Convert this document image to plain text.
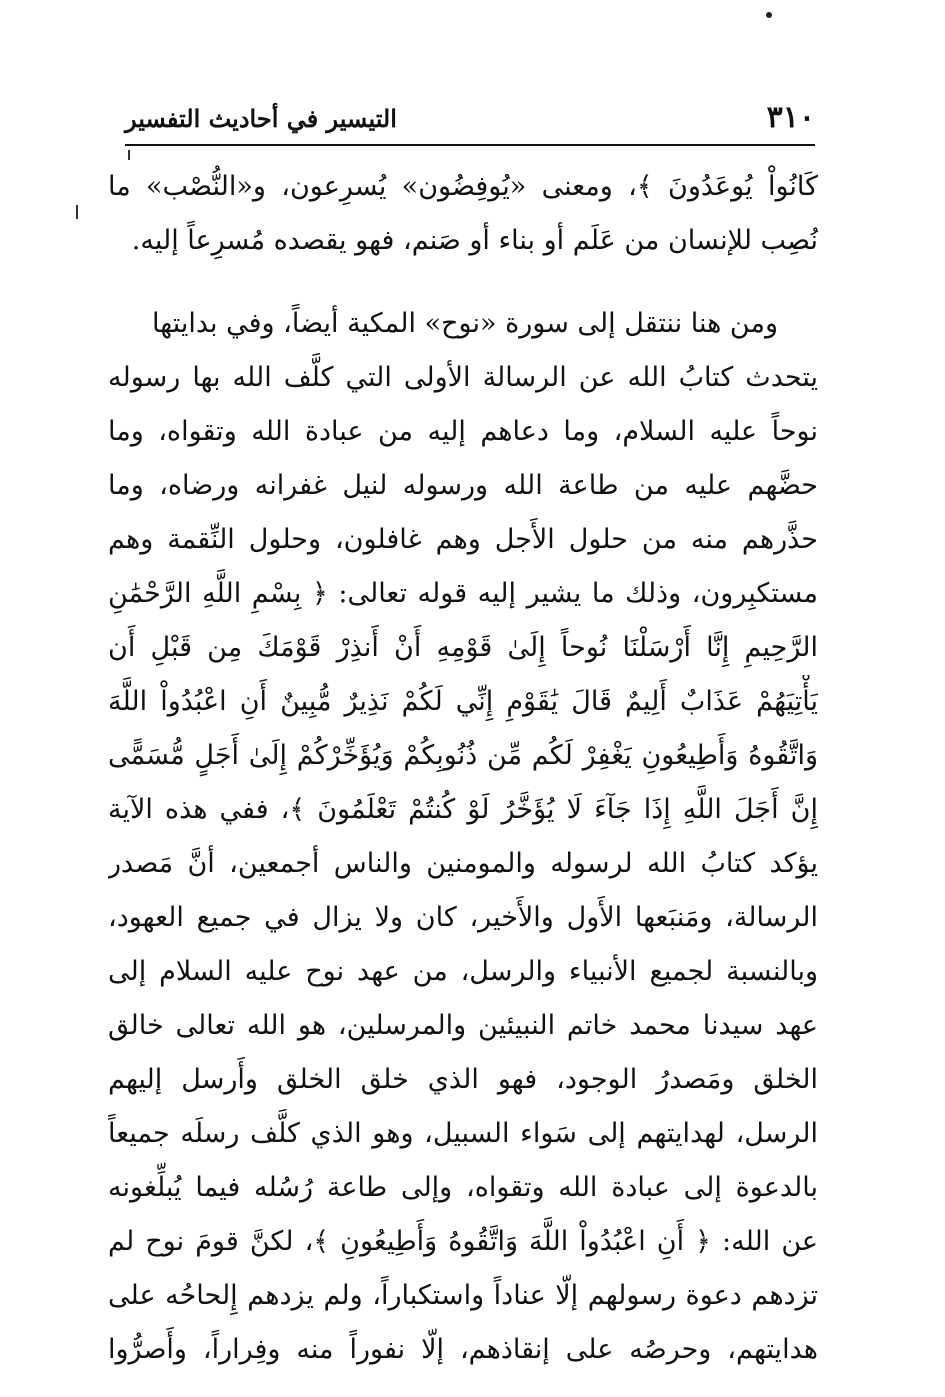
٣١٠
التيسير في أحاديث التفسير
كَانُواْ يُوعَدُونَ ﴾، ومعنى «يُوفِضُون» يُسرِعون، و«النُّصْب» ما
نُصِب للإنسان من عَلَم أو بناء أو صَنم، فهو يقصده مُسرِعاً إليه.
ومن هنا ننتقل إلى سورة «نوح» المكية أيضاً، وفي بدايتها
يتحدث كتابُ الله عن الرسالة الأولى التي كلَّف الله بها رسوله
نوحاً عليه السلام، وما دعاهم إليه من عبادة الله وتقواه، وما
حضَّهم عليه من طاعة الله ورسوله لنيل غفرانه ورضاه، وما
حذَّرهم منه من حلول الأَجل وهم غافلون، وحلول النِّقمة وهم
مستكبِرون، وذلك ما يشير إليه قوله تعالى: ﴿ بِسْمِ اللَّهِ الرَّحْمَٰنِ
الرَّحِيمِ إِنَّا أَرْسَلْنَا نُوحاً إِلَىٰ قَوْمِهِ أَنْ أَنذِرْ قَوْمَكَ مِن قَبْلِ أَن
يَأْتِيَهُمْ عَذَابٌ أَلِيمٌ قَالَ يَٰقَوْمِ إِنِّي لَكُمْ نَذِيرٌ مُّبِينٌ أَنِ اعْبُدُواْ اللَّهَ
وَاتَّقُوهُ وَأَطِيعُونِ يَغْفِرْ لَكُم مِّن ذُنُوبِكُمْ وَيُؤَخِّرْكُمْ إِلَىٰ أَجَلٍ مُّسَمًّى
إِنَّ أَجَلَ اللَّهِ إِذَا جَآءَ لَا يُؤَخَّرُ لَوْ كُنتُمْ تَعْلَمُونَ ﴾، ففي هذه الآية
يؤكد كتابُ الله لرسوله والمومنين والناس أجمعين، أنَّ مَصدر
الرسالة، ومَنبَعها الأَول والأَخير، كان ولا يزال في جميع العهود،
وبالنسبة لجميع الأنبياء والرسل، من عهد نوح عليه السلام إلى
عهد سيدنا محمد خاتم النبيئين والمرسلين، هو الله تعالى خالق
الخلق ومَصدرُ الوجود، فهو الذي خلق الخلق وأَرسل إليهم
الرسل، لهدايتهم إلى سَواء السبيل، وهو الذي كلَّف رسلَه جميعاً
بالدعوة إلى عبادة الله وتقواه، وإلى طاعة رُسُله فيما يُبلِّغونه
عن الله: ﴿ أَنِ اعْبُدُواْ اللَّهَ وَاتَّقُوهُ وَأَطِيعُونِ ﴾، لكنَّ قومَ نوح لم
تزدهم دعوة رسولهم إلّا عناداً واستكباراً، ولم يزدهم إِلحاحُه على
هدايتهم، وحرصُه على إنقاذهم، إلّا نفوراً منه وفِراراً، وأَصرُّوا
